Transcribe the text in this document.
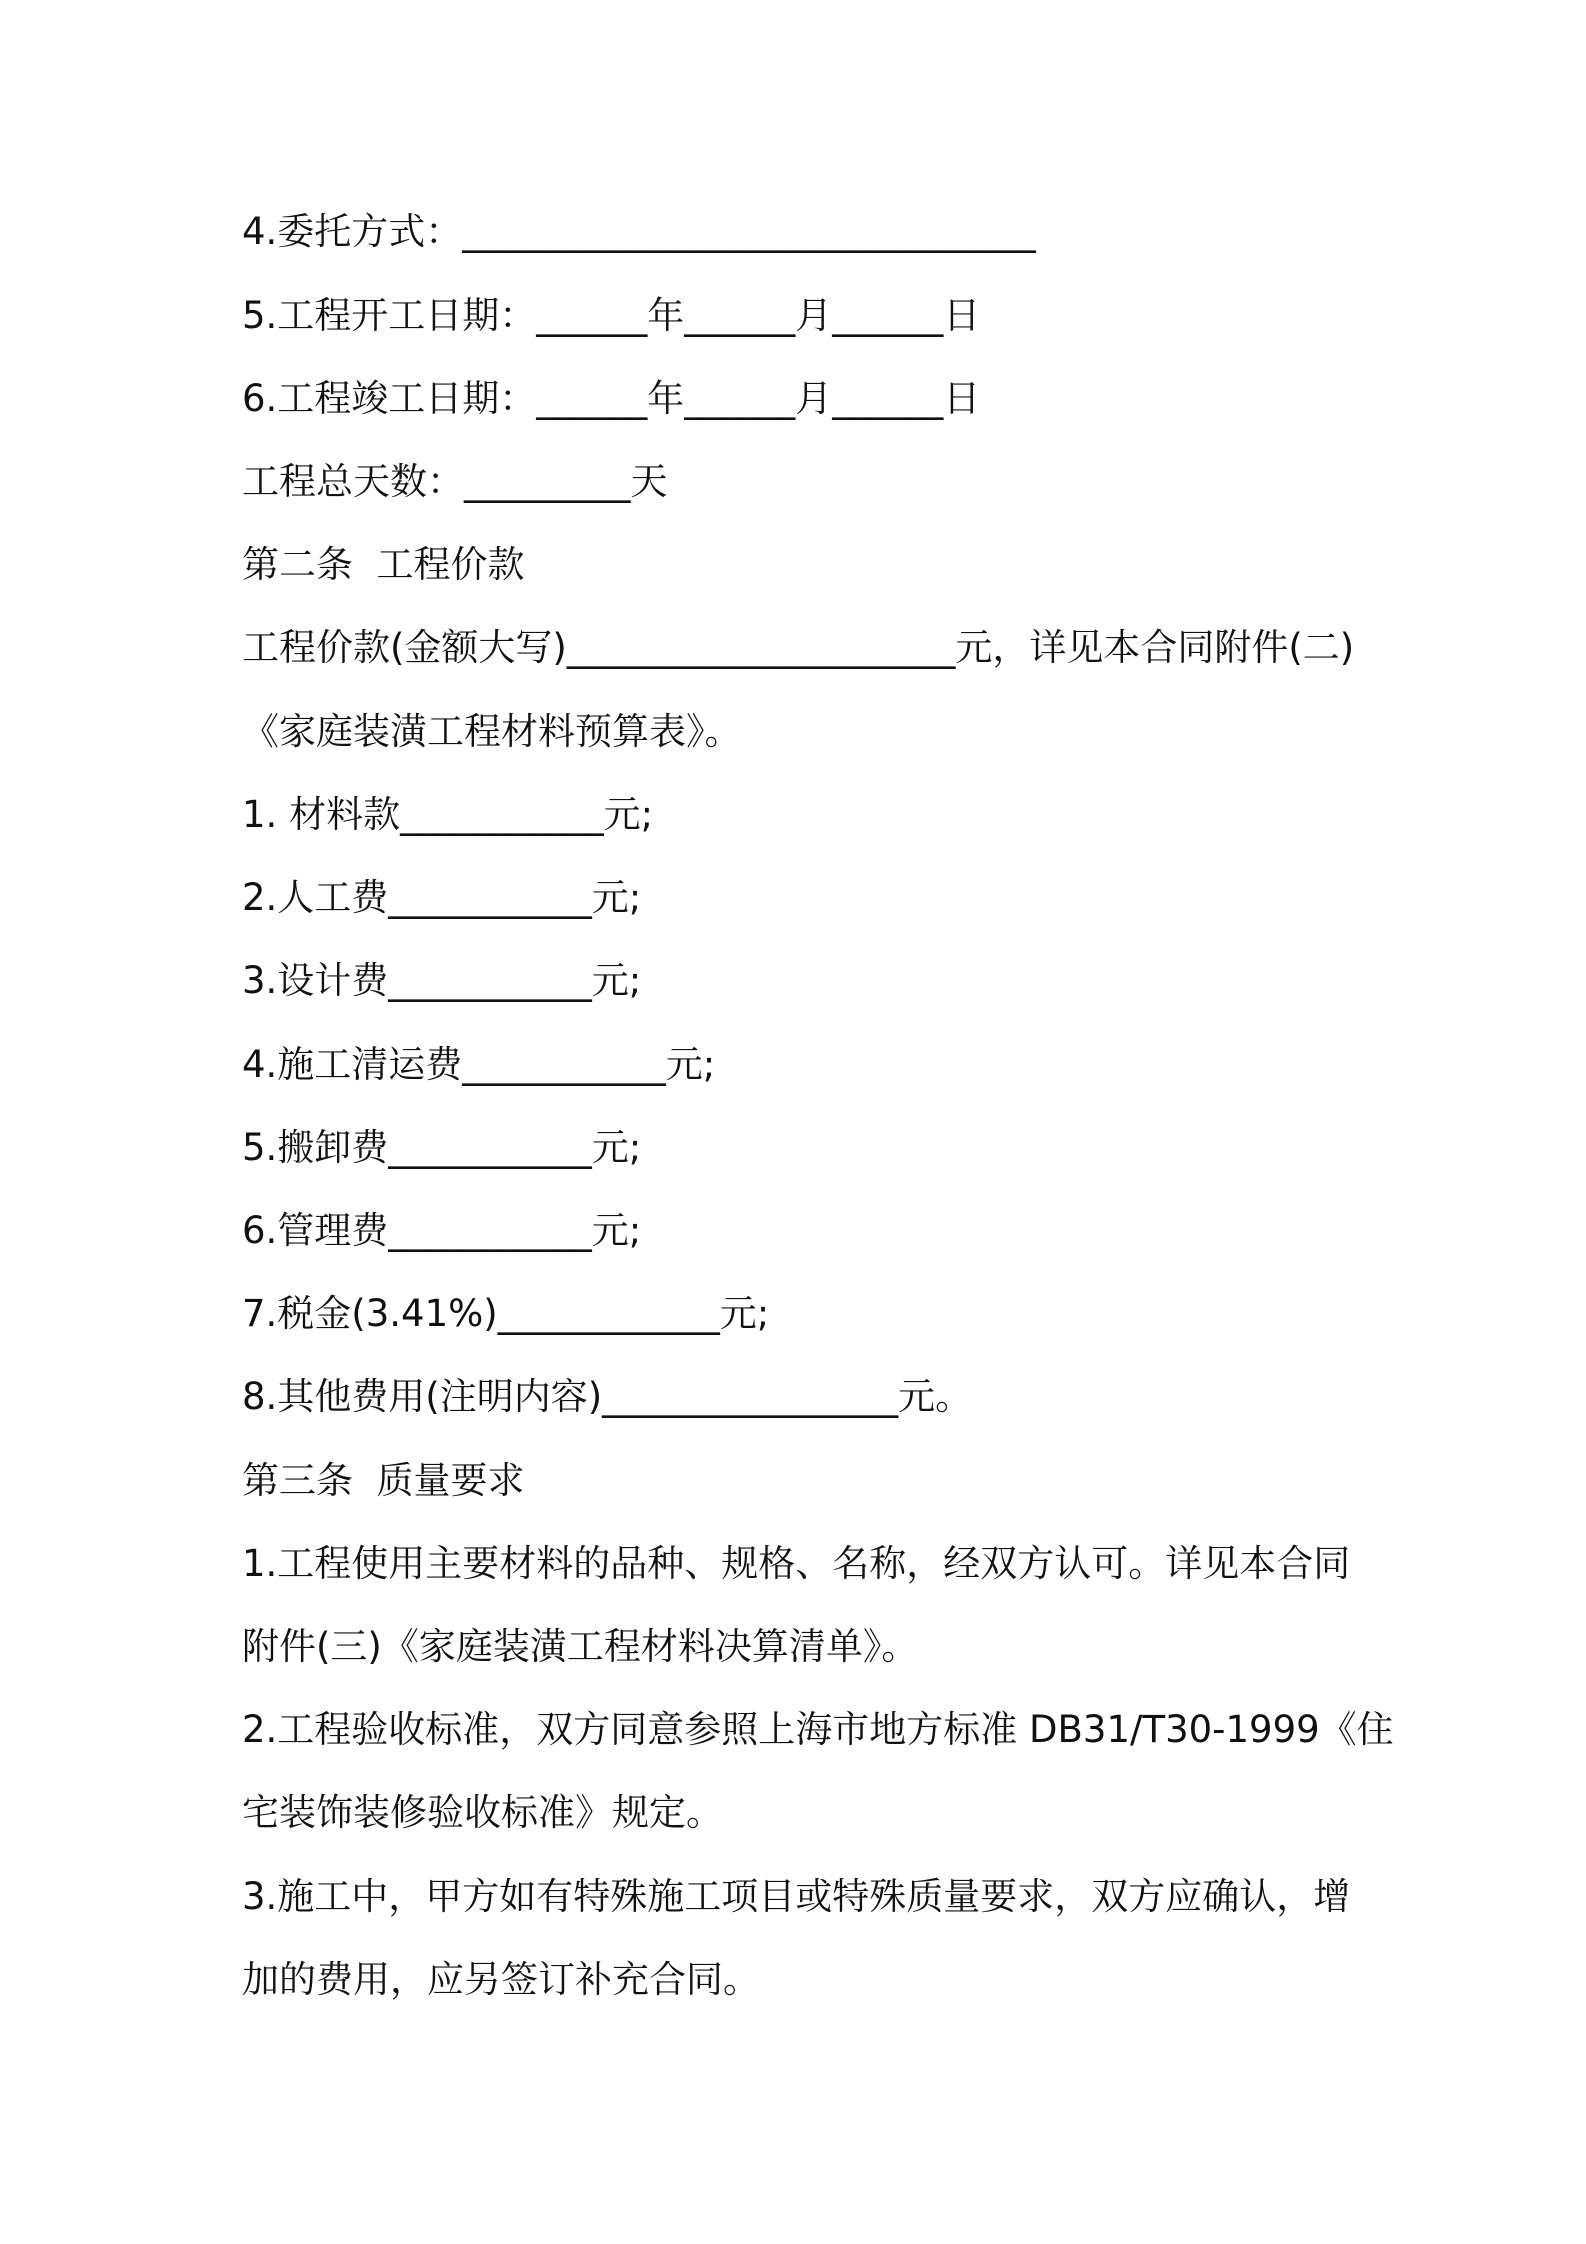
4.委托方式：_______________________________
5.工程开工日期：______年______月______日
6.工程竣工日期：______年______月______日
工程总天数：_________天
第二条  工程价款
工程价款(金额大写)_____________________元，详见本合同附件(二)
《家庭装潢工程材料预算表》。
1. 材料款___________元;
2.人工费___________元;
3.设计费___________元;
4.施工清运费___________元;
5.搬卸费___________元;
6.管理费___________元;
7.税金(3.41%)____________元;
8.其他费用(注明内容)________________元。
第三条  质量要求
1.工程使用主要材料的品种、规格、名称，经双方认可。详见本合同
附件(三)《家庭装潢工程材料决算清单》。
2.工程验收标准，双方同意参照上海市地方标准 DB31/T30-1999《住
宅装饰装修验收标准》规定。
3.施工中，甲方如有特殊施工项目或特殊质量要求，双方应确认，增
加的费用，应另签订补充合同。
